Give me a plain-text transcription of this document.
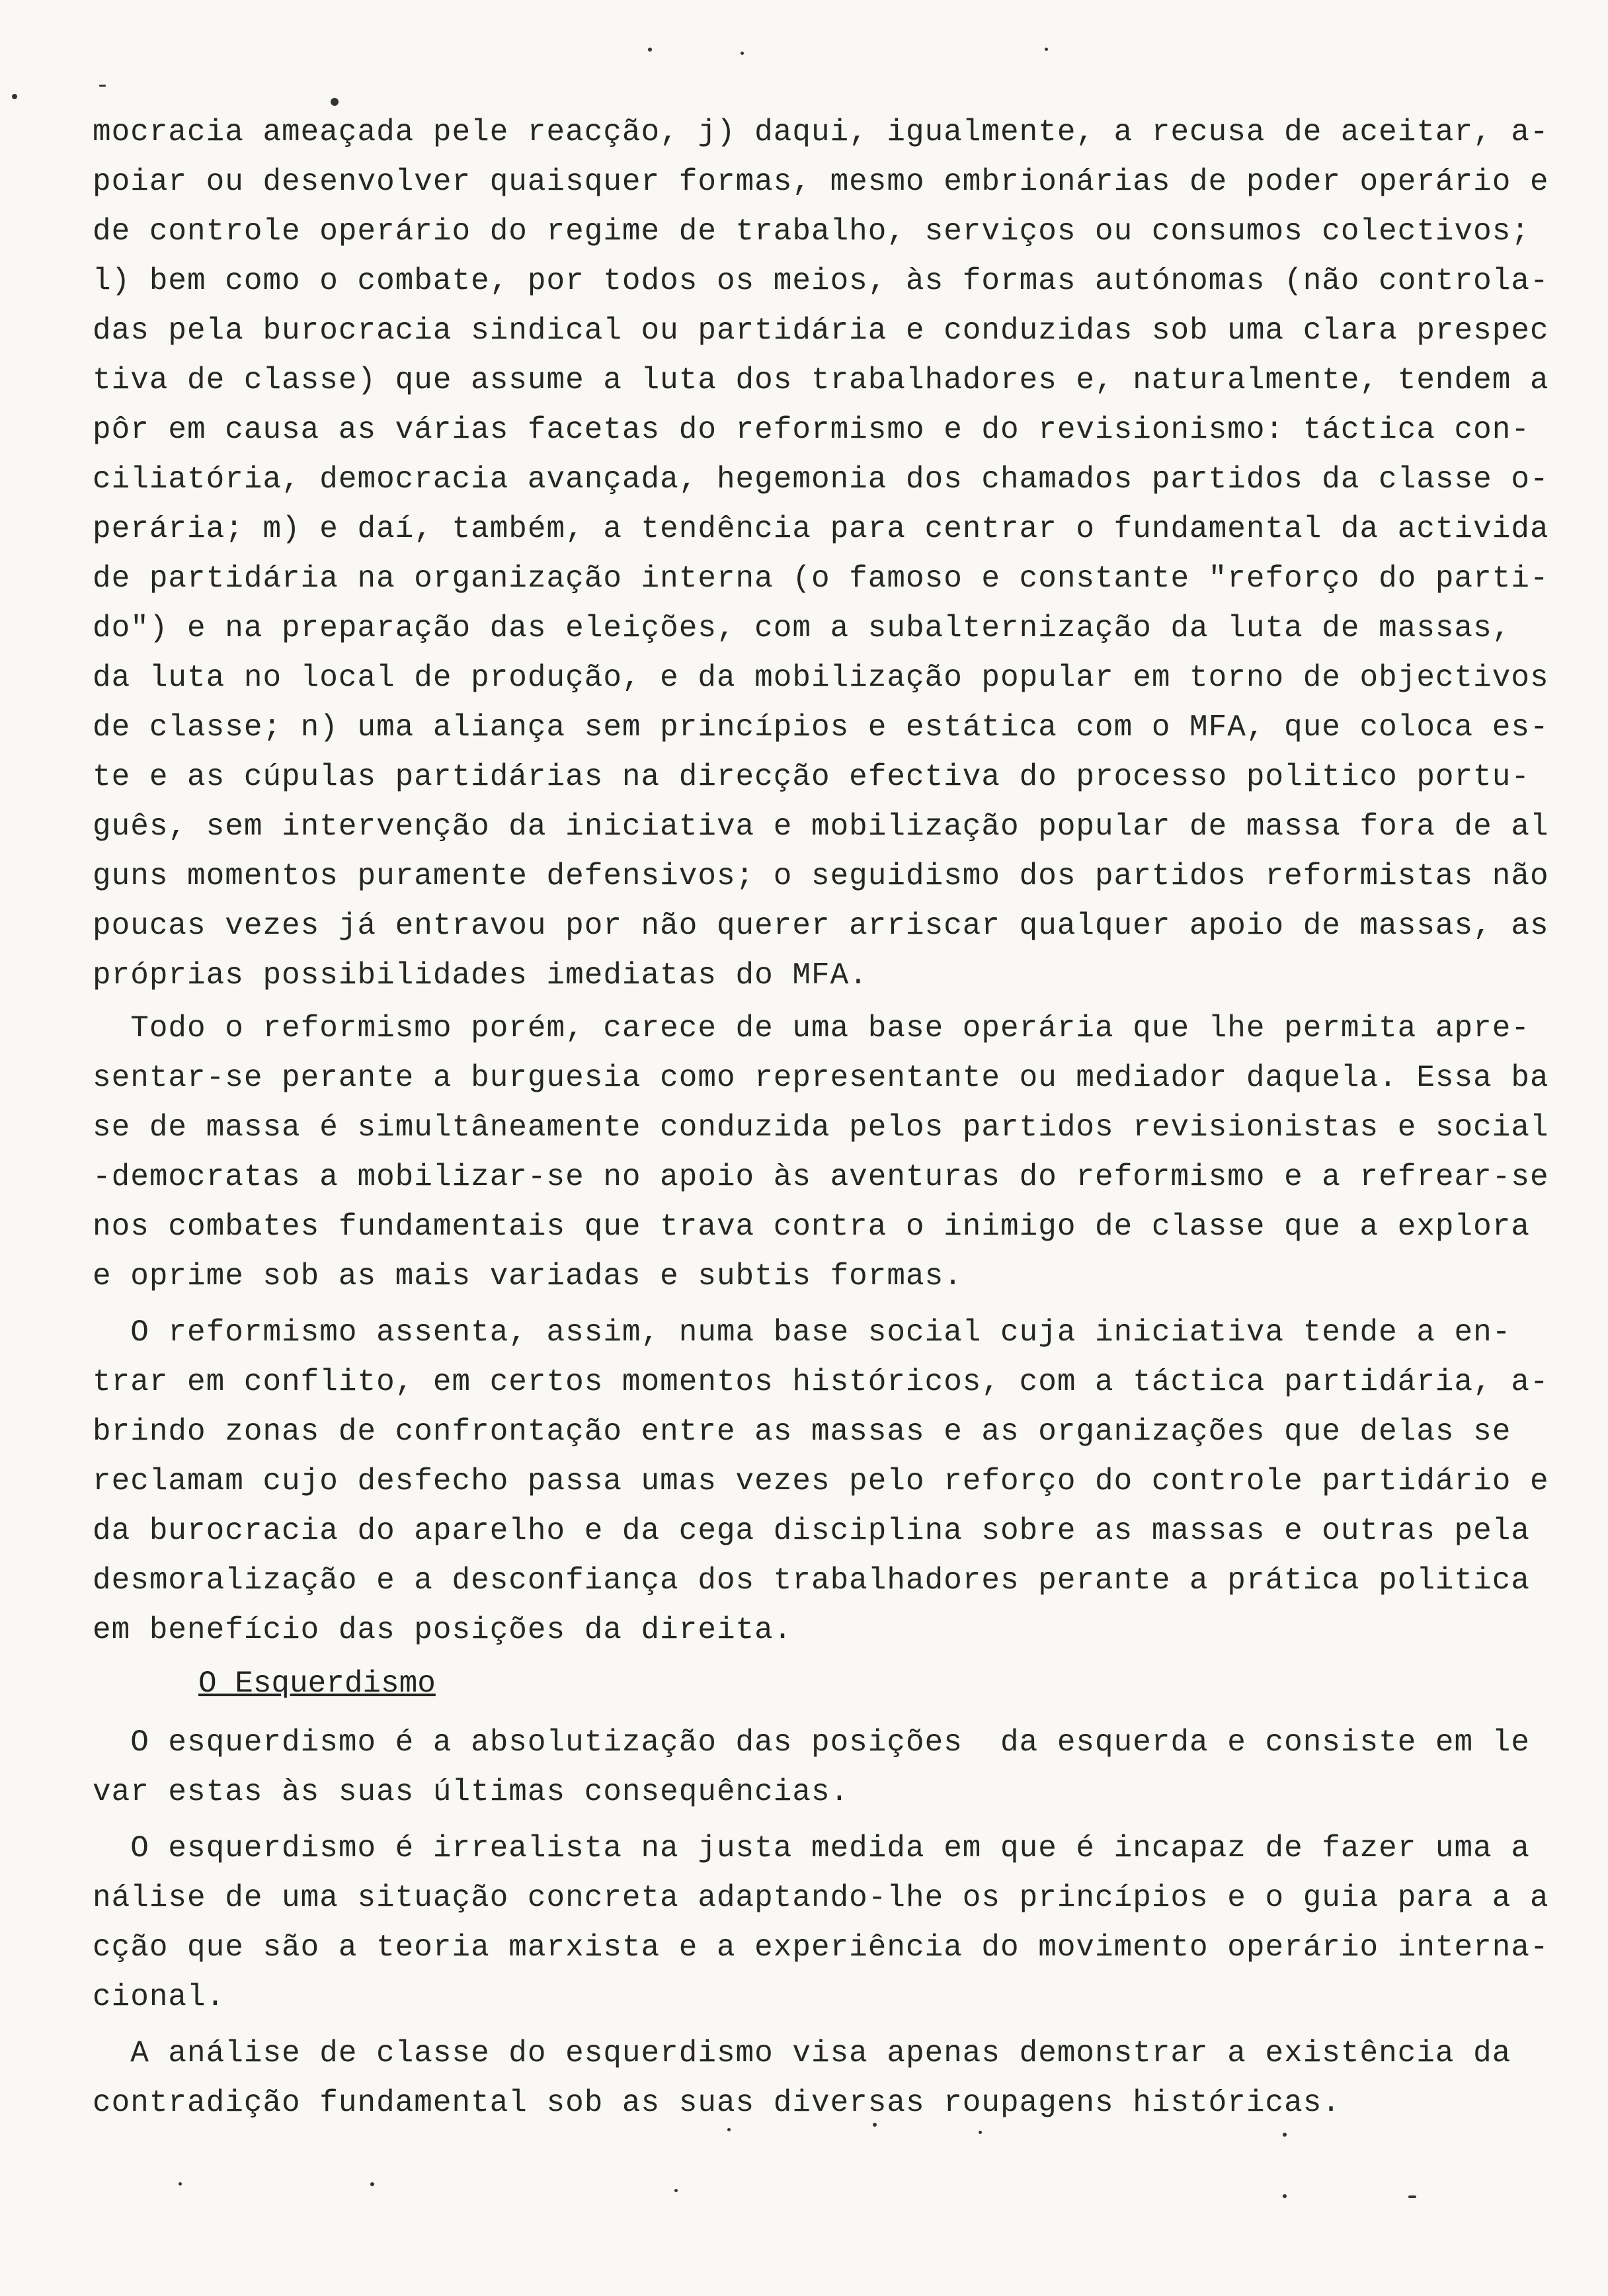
mocracia ameaçada pele reacção, j) daqui, igualmente, a recusa de aceitar, a-
poiar ou desenvolver quaisquer formas, mesmo embrionárias de poder operário e
de controle operário do regime de trabalho, serviços ou consumos colectivos;
l) bem como o combate, por todos os meios, às formas autónomas (não controla-
das pela burocracia sindical ou partidária e conduzidas sob uma clara prespec
tiva de classe) que assume a luta dos trabalhadores e, naturalmente, tendem a
pôr em causa as várias facetas do reformismo e do revisionismo: táctica con-
ciliatória, democracia avançada, hegemonia dos chamados partidos da classe o-
perária; m) e daí, também, a tendência para centrar o fundamental da activida
de partidária na organização interna (o famoso e constante "reforço do parti-
do") e na preparação das eleições, com a subalternização da luta de massas,
da luta no local de produção, e da mobilização popular em torno de objectivos
de classe; n) uma aliança sem princípios e estática com o MFA, que coloca es-
te e as cúpulas partidárias na direcção efectiva do processo politico portu-
guês, sem intervenção da iniciativa e mobilização popular de massa fora de al
guns momentos puramente defensivos; o seguidismo dos partidos reformistas não
poucas vezes já entravou por não querer arriscar qualquer apoio de massas, as
próprias possibilidades imediatas do MFA.
Todo o reformismo porém, carece de uma base operária que lhe permita apre-
sentar-se perante a burguesia como representante ou mediador daquela. Essa ba
se de massa é simultâneamente conduzida pelos partidos revisionistas e social
-democratas a mobilizar-se no apoio às aventuras do reformismo e a refrear-se
nos combates fundamentais que trava contra o inimigo de classe que a explora
e oprime sob as mais variadas e subtis formas.
O reformismo assenta, assim, numa base social cuja iniciativa tende a en-
trar em conflito, em certos momentos históricos, com a táctica partidária, a-
brindo zonas de confrontação entre as massas e as organizações que delas se
reclamam cujo desfecho passa umas vezes pelo reforço do controle partidário e
da burocracia do aparelho e da cega disciplina sobre as massas e outras pela
desmoralização e a desconfiança dos trabalhadores perante a prática politica
em benefício das posições da direita.
O esquerdismo é a absolutização das posições  da esquerda e consiste em le
var estas às suas últimas consequências.
O esquerdismo é irrealista na justa medida em que é incapaz de fazer uma a
nálise de uma situação concreta adaptando-lhe os princípios e o guia para a a
cção que são a teoria marxista e a experiência do movimento operário interna-
cional.
A análise de classe do esquerdismo visa apenas demonstrar a existência da
contradição fundamental sob as suas diversas roupagens históricas.
O Esquerdismo
